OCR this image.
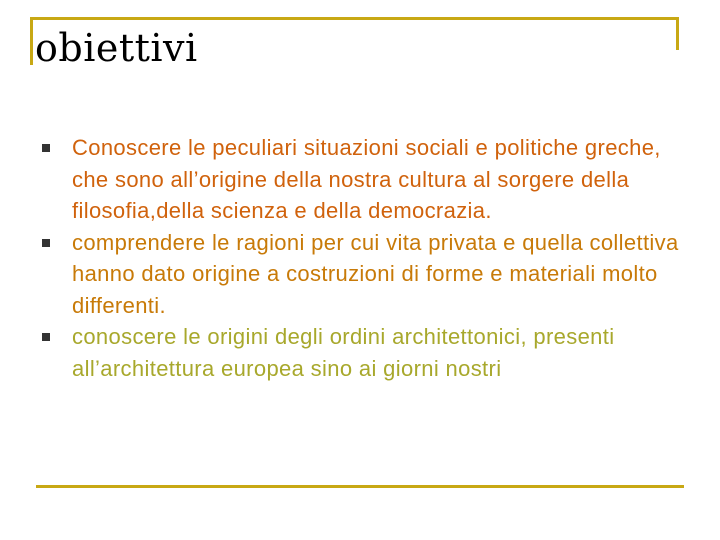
obiettivi
Conoscere le peculiari situazioni sociali e politiche greche, che sono all’origine della nostra cultura al sorgere della filosofia,della scienza e della democrazia.
comprendere le ragioni per cui vita privata e quella collettiva hanno dato origine a costruzioni di forme e materiali molto differenti.
conoscere le origini degli ordini architettonici, presenti all’architettura europea sino ai giorni nostri
